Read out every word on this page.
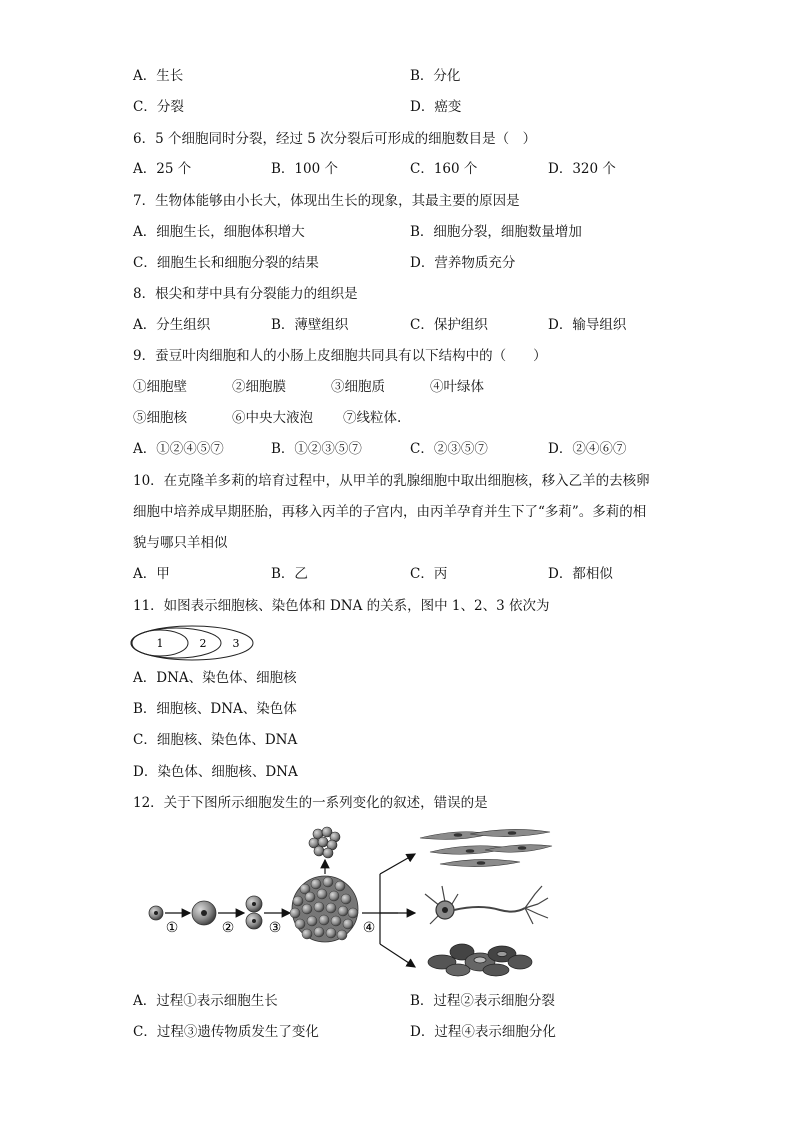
A．生长	B．分化
C．分裂	D．癌变
6．5 个细胞同时分裂，经过 5 次分裂后可形成的细胞数目是（　）
A．25 个	B．100 个	C．160 个	D．320 个
7．生物体能够由小长大，体现出生长的现象，其最主要的原因是
A．细胞生长，细胞体积增大	B．细胞分裂，细胞数量增加
C．细胞生长和细胞分裂的结果	D．营养物质充分
8．根尖和芽中具有分裂能力的组织是
A．分生组织	B．薄壁组织	C．保护组织	D．输导组织
9．蚕豆叶肉细胞和人的小肠上皮细胞共同具有以下结构中的（　　）
①细胞壁	②细胞膜	③细胞质	④叶绿体
⑤细胞核	⑥中央大液泡 ⑦线粒体.
A．①②④⑤⑦	B．①②③⑤⑦	C．②③⑤⑦	D．②④⑥⑦
10．在克隆羊多莉的培育过程中，从甲羊的乳腺细胞中取出细胞核，移入乙羊的去核卵
细胞中培养成早期胚胎，再移入丙羊的子宫内，由丙羊孕育并生下了“多莉”。多莉的相
貌与哪只羊相似
A．甲	B．乙	C．丙	D．都相似
11．如图表示细胞核、染色体和 DNA 的关系，图中 1、2、3 依次为
1	2 3
A．DNA、染色体、细胞核
B．细胞核、DNA、染色体
C．细胞核、染色体、DNA
D．染色体、细胞核、DNA
12．关于下图所示细胞发生的一系列变化的叙述，错误的是
①	② ③	④
A．过程①表示细胞生长	B．过程②表示细胞分裂
C．过程③遗传物质发生了变化	D．过程④表示细胞分化
